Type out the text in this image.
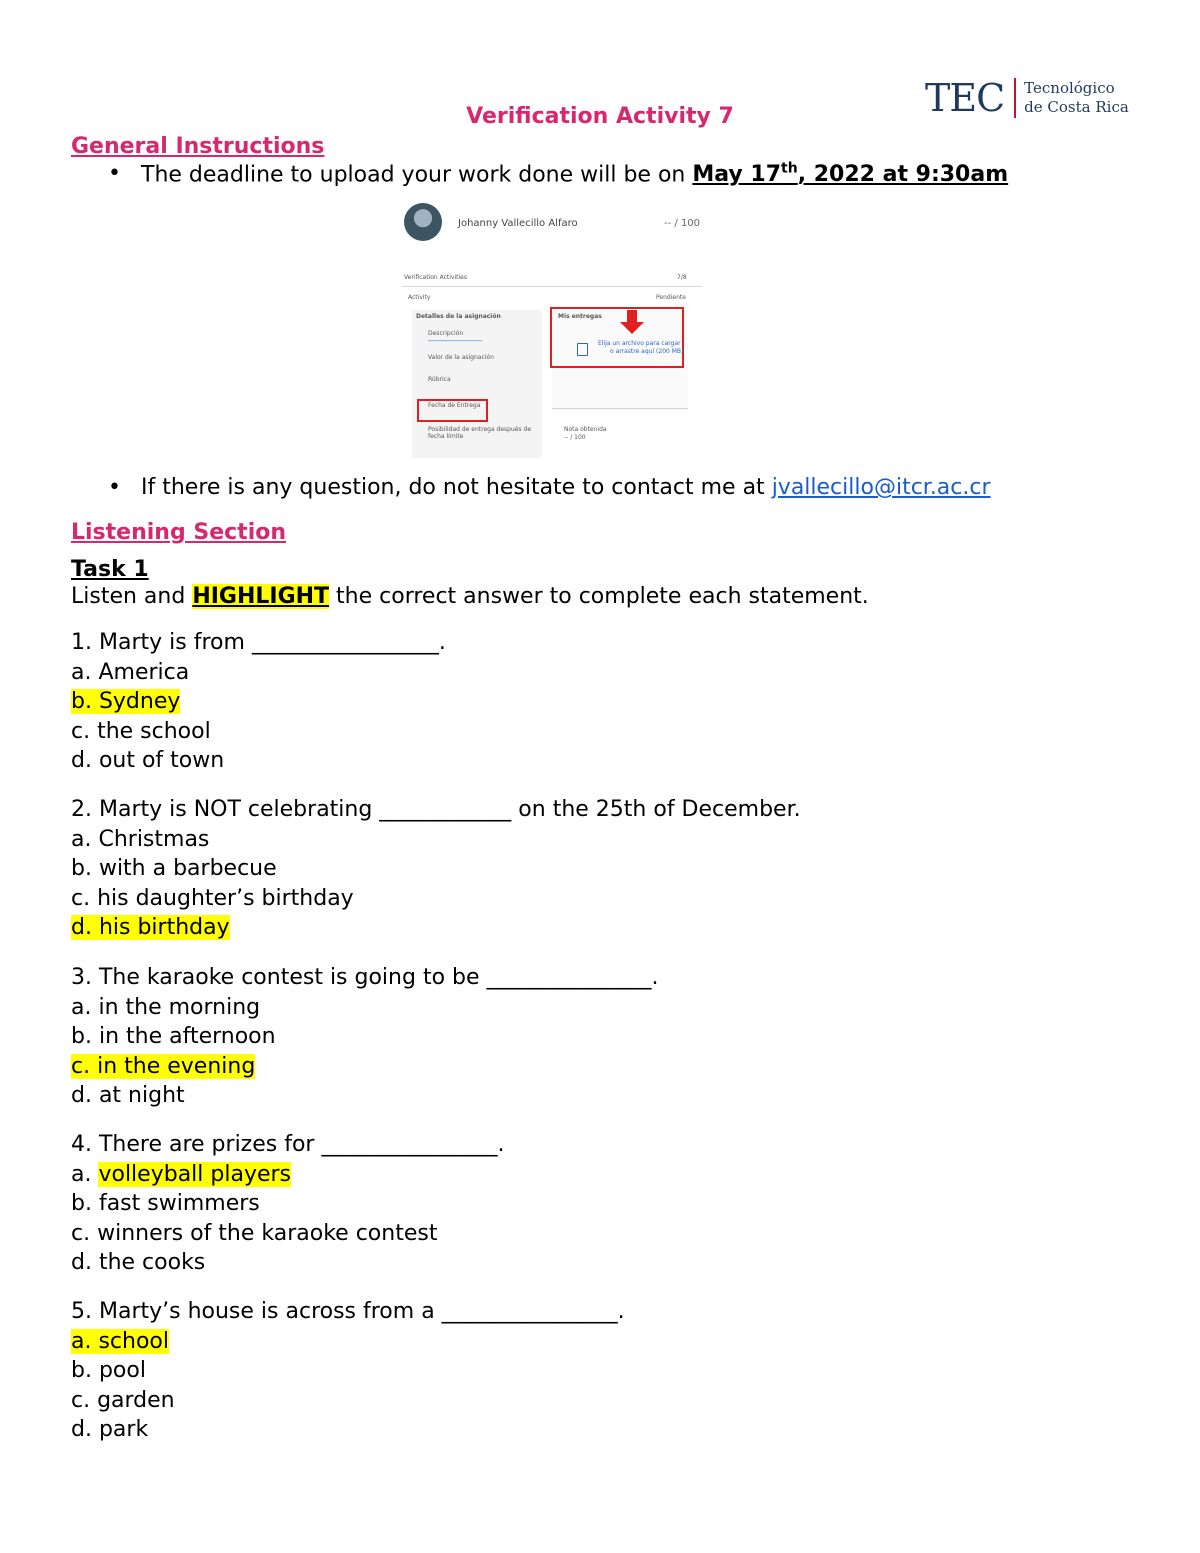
TEC Tecnológico
de Costa Rica
Verification Activity 7
General Instructions
• The deadline to upload your work done will be on May 17th, 2022 at 9:30am
Johanny Vallecillo Alfaro	-- / 100
Verification Activities	7/8
Activity	Pendiente
Detalles de la asignación	Mis entregas
Descripción
───────────────
Valor de la asignación
Rúbrica
Fecha de Entrega
Posibilidad de entrega después de fecha límite
Elija un archivo para cargar
o arrastre aquí (200 MB)
Nota obtenida
-- / 100
• If there is any question, do not hesitate to contact me at jvallecillo@itcr.ac.cr
Listening Section
Task 1
Listen and HIGHLIGHT the correct answer to complete each statement.
1. Marty is from _________________.
a. America
b. Sydney
c. the school
d. out of town
2. Marty is NOT celebrating ____________ on the 25th of December.
a. Christmas
b. with a barbecue
c. his daughter’s birthday
d. his birthday
3. The karaoke contest is going to be _______________.
a. in the morning
b. in the afternoon
c. in the evening
d. at night
4. There are prizes for ________________.
a. volleyball players
b. fast swimmers
c. winners of the karaoke contest
d. the cooks
5. Marty’s house is across from a ________________.
a. school
b. pool
c. garden
d. park
